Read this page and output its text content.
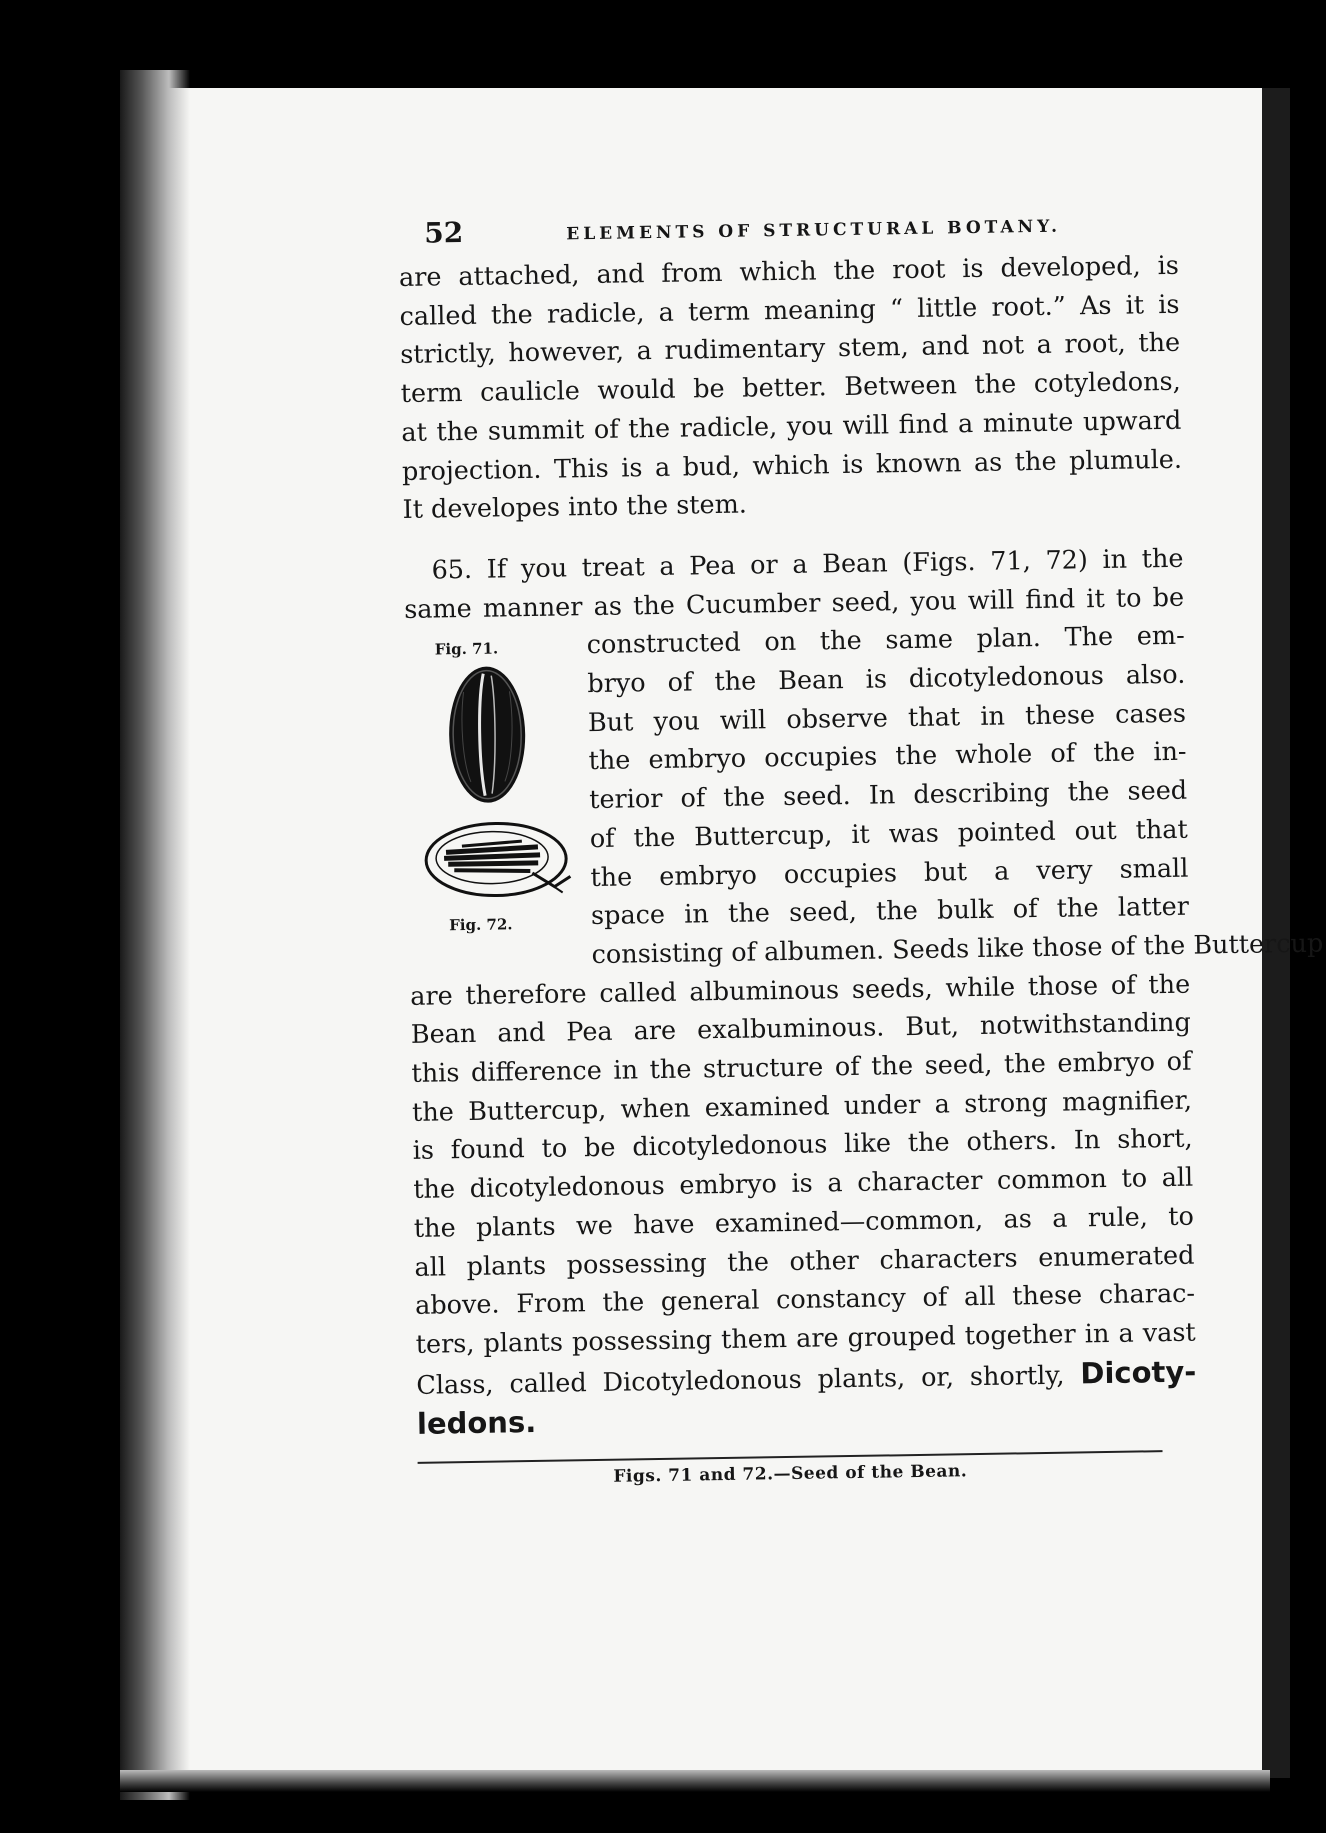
52	ELEMENTS OF STRUCTURAL BOTANY.
are attached, and from which the root is developed, is
called the radicle, a term meaning “ little root.” As it is
strictly, however, a rudimentary stem, and not a root, the
term caulicle would be better. Between the cotyledons,
at the summit of the radicle, you will find a minute upward
projection. This is a bud, which is known as the plumule.
It developes into the stem.
65. If you treat a Pea or a Bean (Figs. 71, 72) in the
same manner as the Cucumber seed, you will find it to be
Fig. 71.
Fig. 72.
constructed on the same plan. The em-
bryo of the Bean is dicotyledonous also.
But you will observe that in these cases
the embryo occupies the whole of the in-
terior of the seed. In describing the seed
of the Buttercup, it was pointed out that
the embryo occupies but a very small
space in the seed, the bulk of the latter
consisting of albumen. Seeds like those of the Buttercup
are therefore called albuminous seeds, while those of the
Bean and Pea are exalbuminous. But, notwithstanding
this difference in the structure of the seed, the embryo of
the Buttercup, when examined under a strong magnifier,
is found to be dicotyledonous like the others. In short,
the dicotyledonous embryo is a character common to all
the plants we have examined—common, as a rule, to
all plants possessing the other characters enumerated
above. From the general constancy of all these charac-
ters, plants possessing them are grouped together in a vast
Class, called Dicotyledonous plants, or, shortly, Dicoty-
ledons.
Figs. 71 and 72.—Seed of the Bean.
